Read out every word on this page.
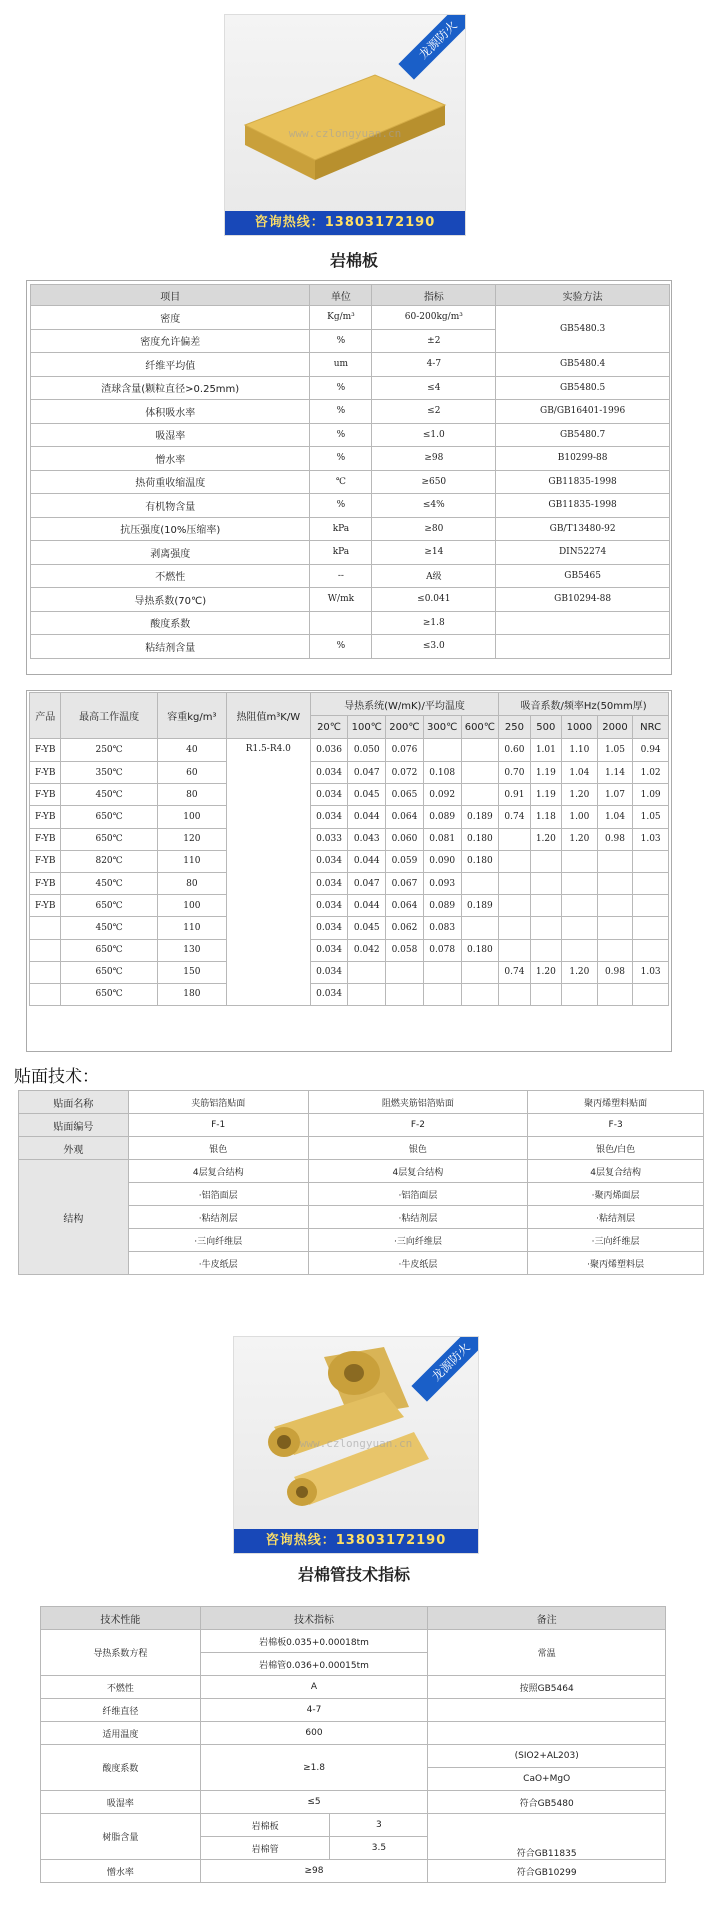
www.czlongyuan.cn
龙源防火
咨询热线：13803172190
岩棉板
项目	单位	指标	实验方法
密度	Kg/m³	60-200kg/m³	GB5480.3
密度允许偏差	%	±2	
纤维平均值	um	4-7	GB5480.4
渣球含量(颗粒直径>0.25mm)	%	≤4	GB5480.5
体积吸水率	%	≤2	GB/GB16401-1996
吸湿率	%	≤1.0	GB5480.7
憎水率	%	≥98	B10299-88
热荷重收缩温度	℃	≥650	GB11835-1998
有机物含量	%	≤4%	GB11835-1998
抗压强度(10%压缩率)	kPa	≥80	GB/T13480-92
剥离强度	kPa	≥14	DIN52274
不燃性	--	A级	GB5465
导热系数(70℃)	W/mk	≤0.041	GB10294-88
酸度系数		≥1.8	
粘结剂含量	%	≤3.0	
产品	最高工作温度	容重kg/m³	热阻值m³K/W	导热系统(W/mK)/平均温度					吸音系数/频率Hz(50mm厚)				
				20℃	100℃	200℃	300℃	600℃	250	500	1000	2000	NRC
F-YB	250℃	40	R1.5-R4.0	0.036	0.050	0.076			0.60	1.01	1.10	1.05	0.94
F-YB	350℃	60		0.034	0.047	0.072	0.108		0.70	1.19	1.04	1.14	1.02
F-YB	450℃	80		0.034	0.045	0.065	0.092		0.91	1.19	1.20	1.07	1.09
F-YB	650℃	100		0.034	0.044	0.064	0.089	0.189	0.74	1.18	1.00	1.04	1.05
F-YB	650℃	120		0.033	0.043	0.060	0.081	0.180		1.20	1.20	0.98	1.03
F-YB	820℃	110		0.034	0.044	0.059	0.090	0.180					
F-YB	450℃	80		0.034	0.047	0.067	0.093						
F-YB	650℃	100		0.034	0.044	0.064	0.089	0.189					
	450℃	110		0.034	0.045	0.062	0.083						
	650℃	130		0.034	0.042	0.058	0.078	0.180					
	650℃	150		0.034					0.74	1.20	1.20	0.98	1.03
	650℃	180		0.034									
贴面技术：
贴面名称	夹筋铝箔贴面	阻燃夹筋铝箔贴面	聚丙烯塑料贴面
贴面编号	F-1	F-2	F-3
外观	银色	银色	银色/白色
结构	4层复合结构	4层复合结构	4层复合结构
	·铝箔面层	·铝箔面层	·聚丙烯面层
	·粘结剂层	·粘结剂层	·粘结剂层
	·三向纤维层	·三向纤维层	·三向纤维层
	·牛皮纸层	·牛皮纸层	·聚丙烯塑料层
www.czlongyuan.cn
龙源防火
咨询热线：13803172190
岩棉管技术指标
技术性能	技术指标		备注
导热系数方程	岩棉板0.035+0.00018tm		常温
	岩棉管0.036+0.00015tm		
不燃性	A		按照GB5464
纤维直径	4-7		
适用温度	600		
酸度系数	≥1.8		(SIO2+AL203)
			CaO+MgO
吸湿率	≤5		符合GB5480
树脂含量	岩棉板	3	符合GB11835
	岩棉管	3.5	
憎水率	≥98		符合GB10299
